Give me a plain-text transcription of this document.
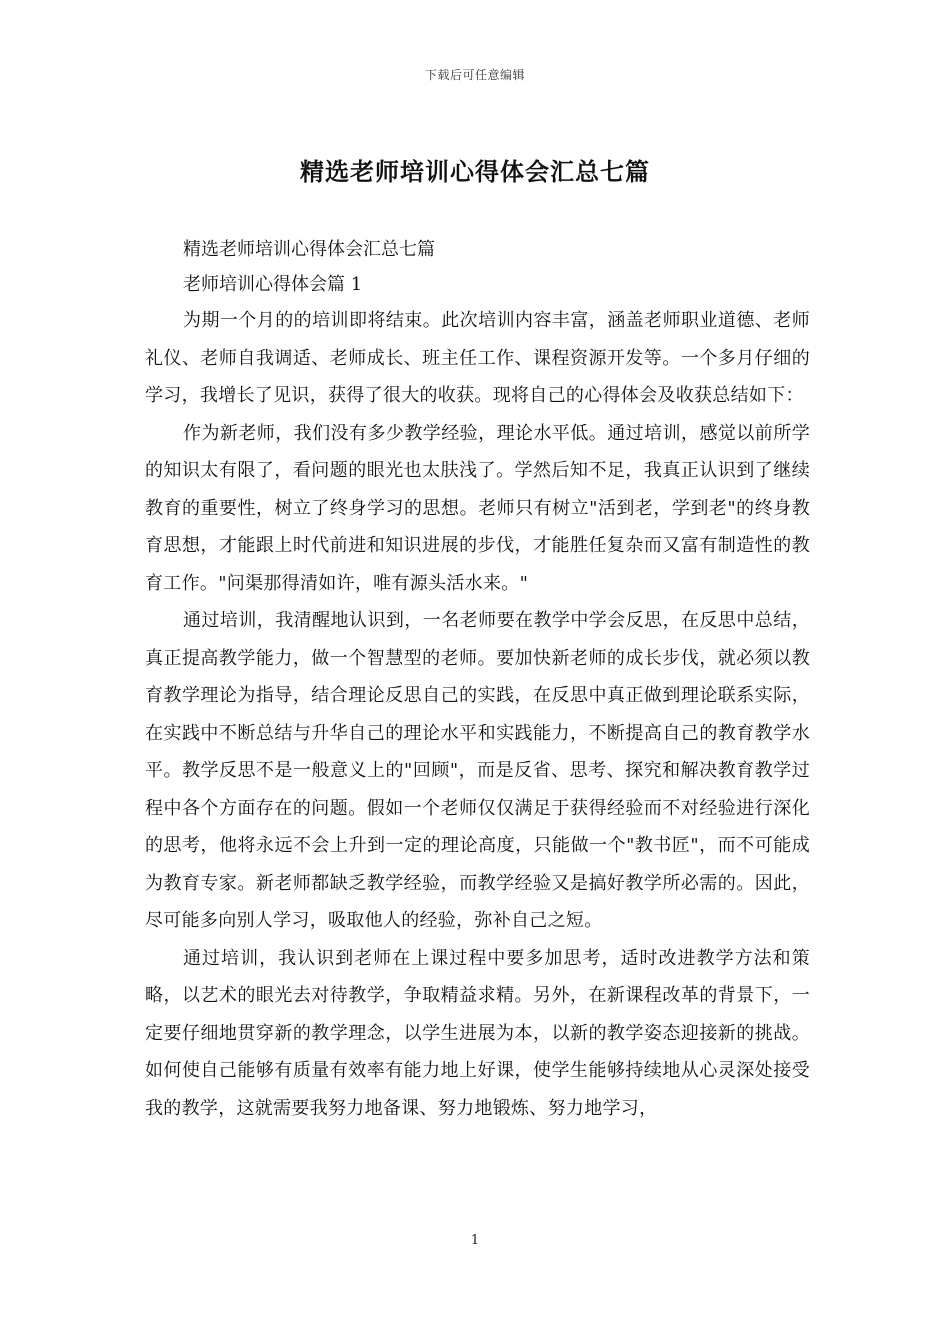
下载后可任意编辑
精选老师培训心得体会汇总七篇

精选老师培训心得体会汇总七篇

老师培训心得体会篇 1

为期一个月的的培训即将结束。此次培训内容丰富，涵盖老师职业道德、老师礼仪、老师自我调适、老师成长、班主任工作、课程资源开发等。一个多月仔细的学习，我增长了见识，获得了很大的收获。现将自己的心得体会及收获总结如下：

作为新老师，我们没有多少教学经验，理论水平低。通过培训，感觉以前所学的知识太有限了，看问题的眼光也太肤浅了。学然后知不足，我真正认识到了继续教育的重要性，树立了终身学习的思想。老师只有树立"活到老，学到老"的终身教育思想，才能跟上时代前进和知识进展的步伐，才能胜任复杂而又富有制造性的教育工作。"问渠那得清如许，唯有源头活水来。"

通过培训，我清醒地认识到，一名老师要在教学中学会反思，在反思中总结，真正提高教学能力，做一个智慧型的老师。要加快新老师的成长步伐，就必须以教育教学理论为指导，结合理论反思自己的实践，在反思中真正做到理论联系实际，在实践中不断总结与升华自己的理论水平和实践能力，不断提高自己的教育教学水平。教学反思不是一般意义上的"回顾"，而是反省、思考、探究和解决教育教学过程中各个方面存在的问题。假如一个老师仅仅满足于获得经验而不对经验进行深化的思考，他将永远不会上升到一定的理论高度，只能做一个"教书匠"，而不可能成为教育专家。新老师都缺乏教学经验，而教学经验又是搞好教学所必需的。因此，尽可能多向别人学习，吸取他人的经验，弥补自己之短。

通过培训，我认识到老师在上课过程中要多加思考，适时改进教学方法和策略，以艺术的眼光去对待教学，争取精益求精。另外，在新课程改革的背景下，一定要仔细地贯穿新的教学理念，以学生进展为本，以新的教学姿态迎接新的挑战。如何使自己能够有质量有效率有能力地上好课，使学生能够持续地从心灵深处接受我的教学，这就需要我努力地备课、努力地锻炼、努力地学习，

1
